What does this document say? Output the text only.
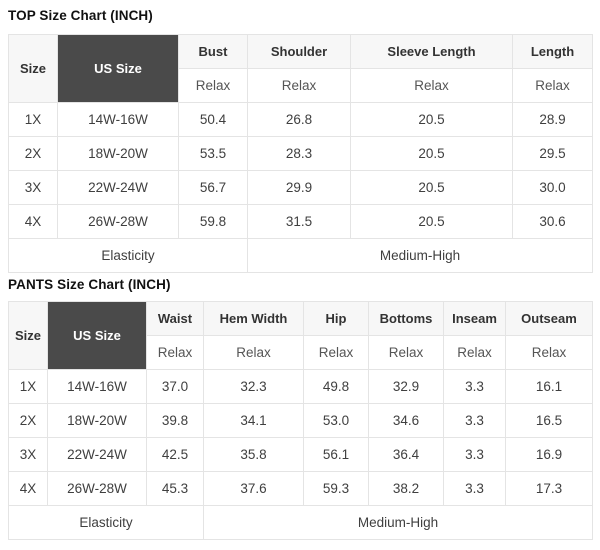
TOP Size Chart (INCH)
Size	US Size	Bust	Shoulder	Sleeve Length	Length
		Relax	Relax	Relax	Relax
1X	14W-16W	50.4	26.8	20.5	28.9
2X	18W-20W	53.5	28.3	20.5	29.5
3X	22W-24W	56.7	29.9	20.5	30.0
4X	26W-28W	59.8	31.5	20.5	30.6
Elasticity			Medium-High		
PANTS Size Chart (INCH)
Size	US Size	Waist	Hem Width	Hip	Bottoms	Inseam	Outseam
		Relax	Relax	Relax	Relax	Relax	Relax
1X	14W-16W	37.0	32.3	49.8	32.9	3.3	16.1
2X	18W-20W	39.8	34.1	53.0	34.6	3.3	16.5
3X	22W-24W	42.5	35.8	56.1	36.4	3.3	16.9
4X	26W-28W	45.3	37.6	59.3	38.2	3.3	17.3
Elasticity			Medium-High				
